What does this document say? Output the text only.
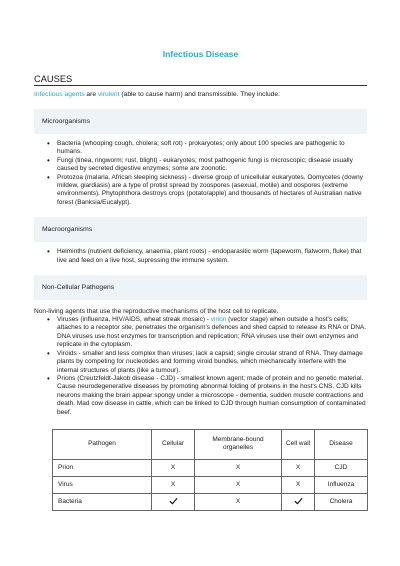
Infectious Disease
CAUSES

Infectious agents are virulent (able to cause harm) and transmissible. They include:

Microorganisms
• Bacteria (whooping cough, cholera; soft rot) - prokaryotes; only about 100 species are pathogenic to humans.
• Fungi (tinea, ringworm; rust, blight) - eukaryotes; most pathogenic fungi is microscopic; disease usually caused by secreted digestive enzymes; some are zoonotic.
• Protozoa (malaria, African sleeping sickness) - diverse group of unicellular eukaryotes. Oomycetes (downy mildew, giardiasis) are a type of protist spread by zoospores (asexual, motile) and oospores (extreme environments). Phytophthora destroys crops (potato/apple) and thousands of hectares of Australian native forest (Banksia/Eucalypt).
Macroorganisms
• Helminths (nutrient deficiency, anaemia, plant roots) - endoparasitic worm (tapeworm, flatworm, fluke) that live and feed on a live host, supressing the immune system.
Non-Cellular Pathogens

Non-living agents that use the reproductive mechanisms of the host cell to replicate.

• Viruses (influenza, HIV/AIDS, wheat streak mosaic) - virion (vector stage) when outside a host's cells; attaches to a receptor site, penetrates the organism's defences and shed capsid to release its RNA or DNA. DNA viruses use host enzymes for transcription and replication; RNA viruses use their own enzymes and replicate in the cytoplasm.
• Viroids - smaller and less complex than viruses; lack a capsid; single circular strand of RNA. They damage plants by competing for nucleotides and forming viroid bundles, which mechanically interfere with the internal structures of plants (like a tumour).
• Prions (Creutzfeldt-Jakob disease - CJD) - smallest known agent; made of protein and no genetic material. Cause neurodegenerative diseases by promoting abnormal folding of proteins in the host's CNS. CJD kills neurons making the brain appear spongy under a microscope - dementia, sudden muscle contractions and death. Mad cow disease in cattle, which can be linked to CJD through human consumption of contaminated beef.
Pathogen	Cellular	Membrane-bound organelles	Cell wall	Disease
Prion	X	X	X	CJD
Virus	X	X	X	Influenza
Bacteria		X		Cholera
